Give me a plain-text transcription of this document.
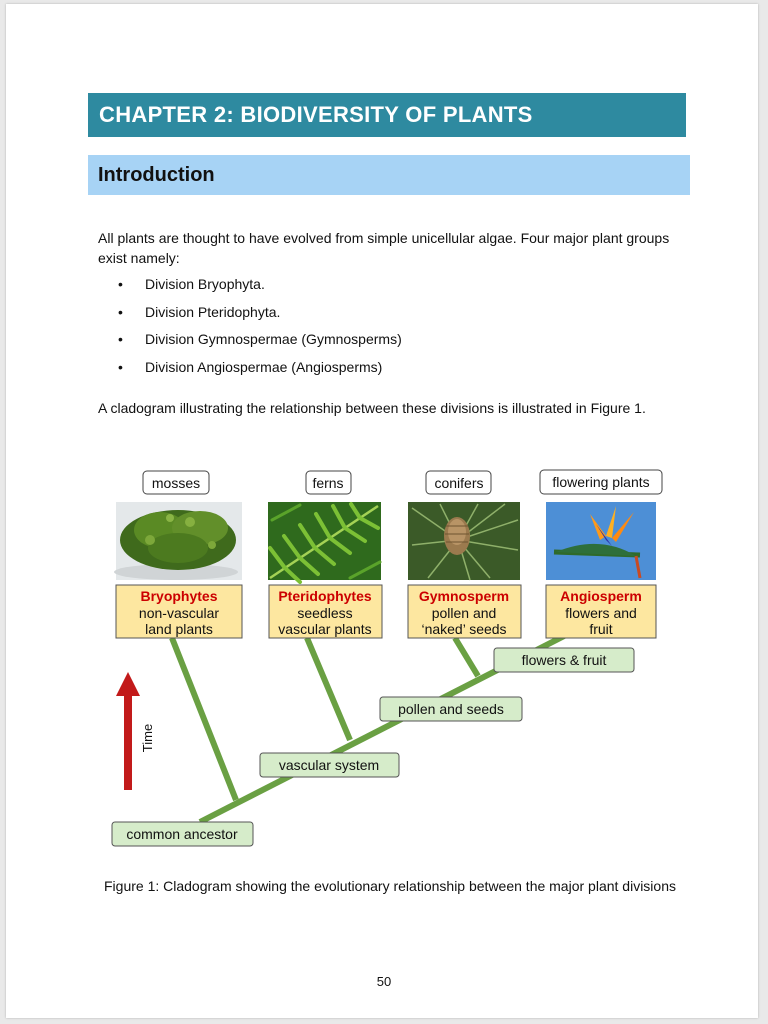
CHAPTER 2: BIODIVERSITY OF PLANTS
Introduction
All plants are thought to have evolved from simple unicellular algae. Four major plant groups exist namely:
• Division Bryophyta.
• Division Pteridophyta.
• Division Gymnospermae (Gymnosperms)
• Division Angiospermae (Angiosperms)
A cladogram illustrating the relationship between these divisions is illustrated in Figure 1.
Time
mosses	ferns	conifers	flowering plants
Bryophytes
non-vascular
land plants
Pteridophytes
seedless
vascular plants
Gymnosperm
pollen and
‘naked’ seeds
Angiosperm
flowers and
fruit
flowers & fruit
pollen and seeds
vascular system
common ancestor
Figure 1: Cladogram showing the evolutionary relationship between the major plant divisions
50
